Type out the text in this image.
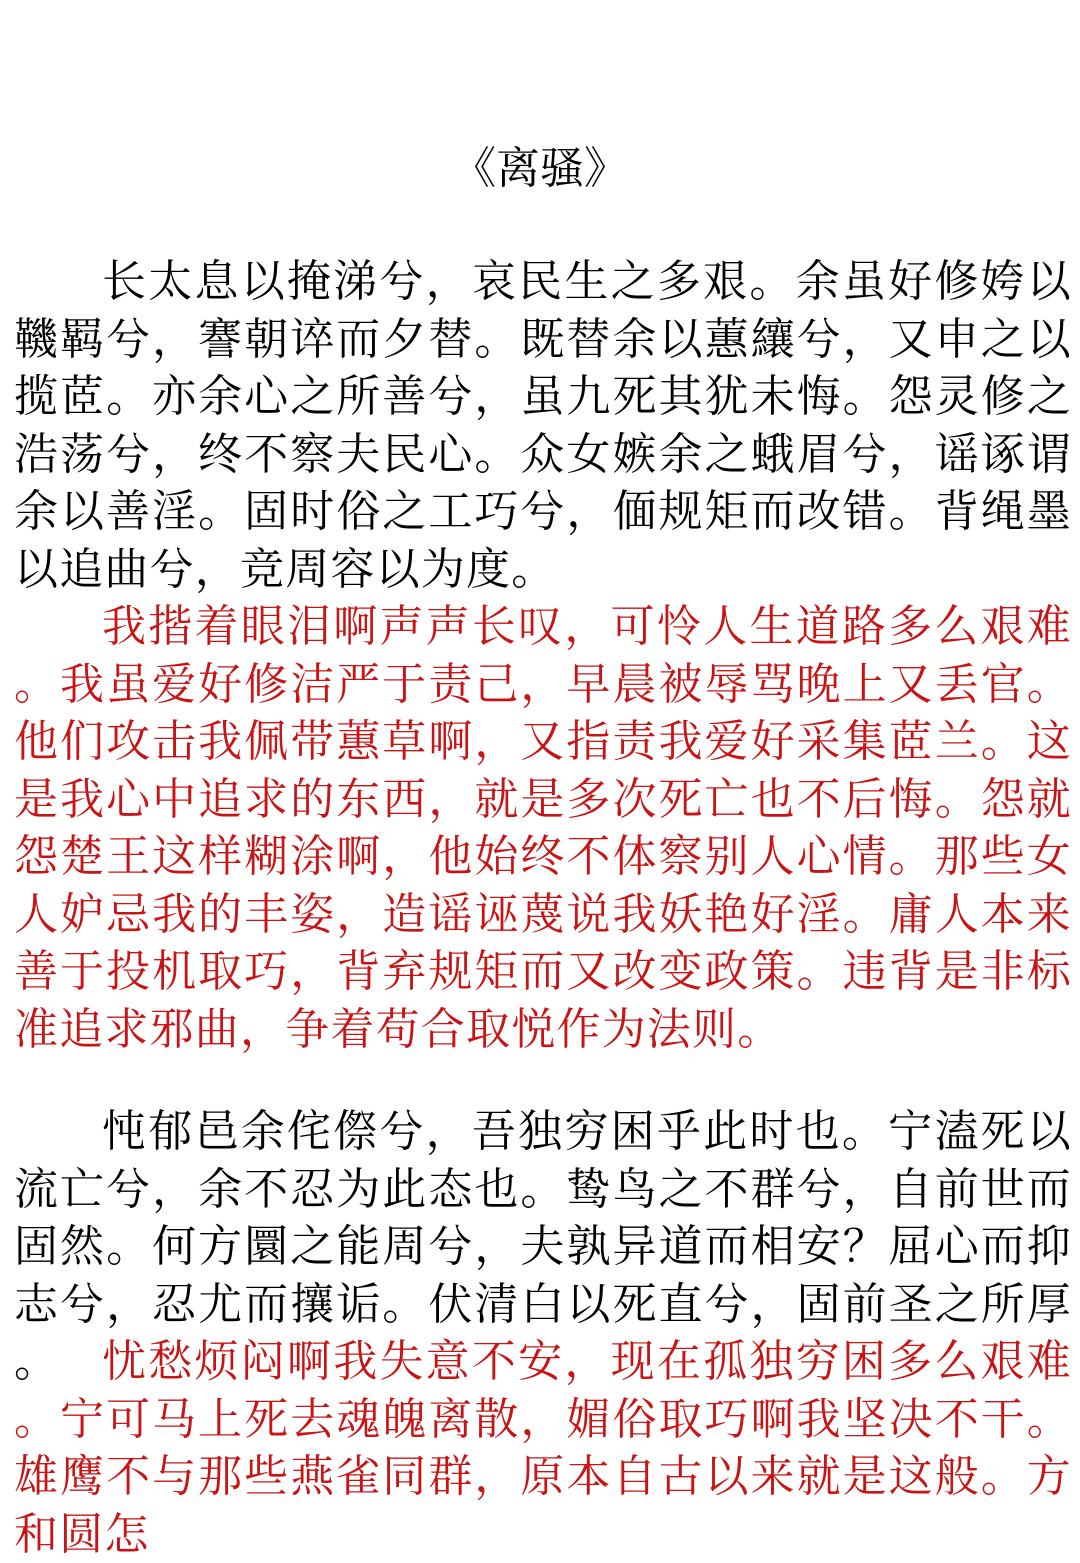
《离骚》

长太息以掩涕兮，哀民生之多艰。余虽好修姱以鞿羁兮，謇朝谇而夕替。既替余以蕙纕兮，又申之以揽茝。亦余心之所善兮，虽九死其犹未悔。怨灵修之浩荡兮，终不察夫民心。众女嫉余之蛾眉兮，谣诼谓余以善淫。固时俗之工巧兮，偭规矩而改错。背绳墨以追曲兮，竞周容以为度。

我揩着眼泪啊声声长叹，可怜人生道路多么艰难。我虽爱好修洁严于责己，早晨被辱骂晚上又丢官。他们攻击我佩带蕙草啊，又指责我爱好采集茝兰。这是我心中追求的东西，就是多次死亡也不后悔。怨就怨楚王这样糊涂啊，他始终不体察别人心情。那些女人妒忌我的丰姿，造谣诬蔑说我妖艳好淫。庸人本来善于投机取巧，背弃规矩而又改变政策。违背是非标准追求邪曲，争着苟合取悦作为法则。

忳郁邑余侘傺兮，吾独穷困乎此时也。宁溘死以流亡兮，余不忍为此态也。鸷鸟之不群兮，自前世而固然。何方圜之能周兮，夫孰异道而相安？屈心而抑志兮，忍尤而攘诟。伏清白以死直兮，固前圣之所厚。 忧愁烦闷啊我失意不安，现在孤独穷困多么艰难。宁可马上死去魂魄离散，媚俗取巧啊我坚决不干。雄鹰不与那些燕雀同群，原本自古以来就是这般。方和圆怎
